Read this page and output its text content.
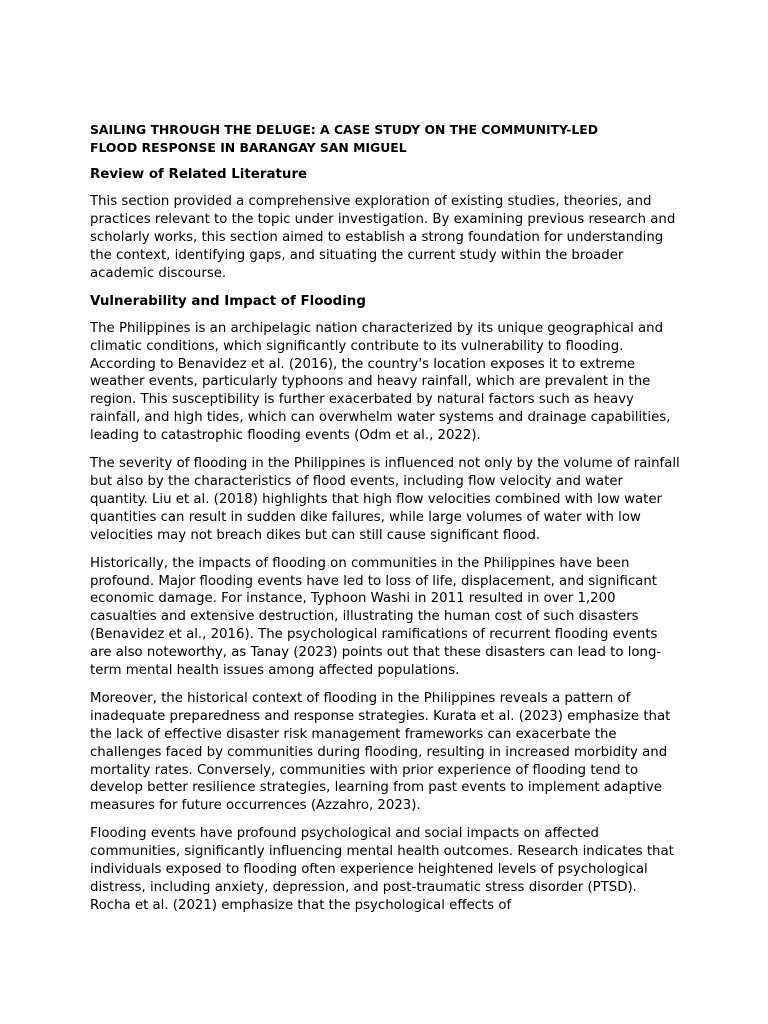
SAILING THROUGH THE DELUGE: A CASE STUDY ON THE COMMUNITY-LED
FLOOD RESPONSE IN BARANGAY SAN MIGUEL
Review of Related Literature

This section provided a comprehensive exploration of existing studies, theories, and practices relevant to the topic under investigation. By examining previous research and scholarly works, this section aimed to establish a strong foundation for understanding the context, identifying gaps, and situating the current study within the broader academic discourse.

Vulnerability and Impact of Flooding

The Philippines is an archipelagic nation characterized by its unique geographical and climatic conditions, which significantly contribute to its vulnerability to flooding. According to Benavidez et al. (2016), the country's location exposes it to extreme weather events, particularly typhoons and heavy rainfall, which are prevalent in the region. This susceptibility is further exacerbated by natural factors such as heavy rainfall, and high tides, which can overwhelm water systems and drainage capabilities, leading to catastrophic flooding events (Odm et al., 2022).

The severity of flooding in the Philippines is influenced not only by the volume of rainfall but also by the characteristics of flood events, including flow velocity and water quantity. Liu et al. (2018) highlights that high flow velocities combined with low water quantities can result in sudden dike failures, while large volumes of water with low velocities may not breach dikes but can still cause significant flood.

Historically, the impacts of flooding on communities in the Philippines have been profound. Major flooding events have led to loss of life, displacement, and significant economic damage. For instance, Typhoon Washi in 2011 resulted in over 1,200 casualties and extensive destruction, illustrating the human cost of such disasters (Benavidez et al., 2016). The psychological ramifications of recurrent flooding events are also noteworthy, as Tanay (2023) points out that these disasters can lead to long-term mental health issues among affected populations.

Moreover, the historical context of flooding in the Philippines reveals a pattern of inadequate preparedness and response strategies. Kurata et al. (2023) emphasize that the lack of effective disaster risk management frameworks can exacerbate the challenges faced by communities during flooding, resulting in increased morbidity and mortality rates. Conversely, communities with prior experience of flooding tend to develop better resilience strategies, learning from past events to implement adaptive measures for future occurrences (Azzahro, 2023).

Flooding events have profound psychological and social impacts on affected communities, significantly influencing mental health outcomes. Research indicates that individuals exposed to flooding often experience heightened levels of psychological distress, including anxiety, depression, and post-traumatic stress disorder (PTSD). Rocha et al. (2021) emphasize that the psychological effects of
